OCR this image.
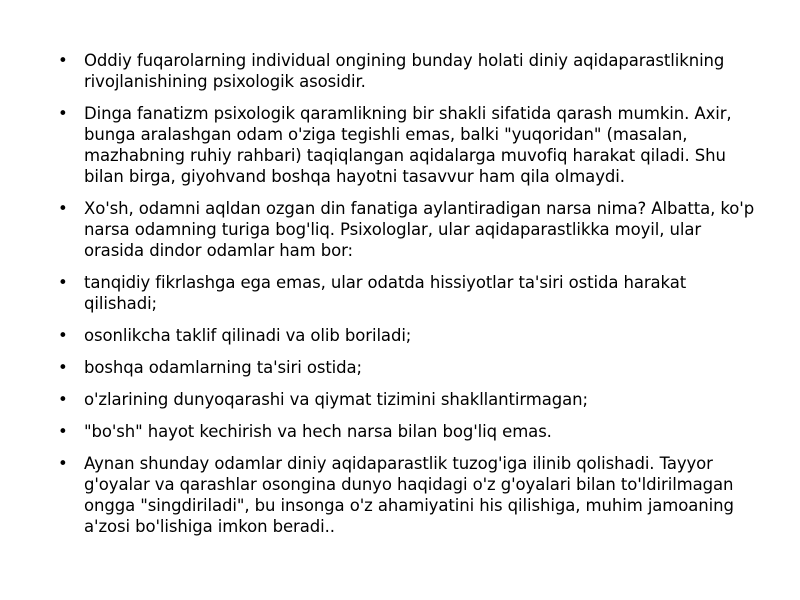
• Oddiy fuqarolarning individual ongining bunday holati diniy aqidaparastlikning rivojlanishining psixologik asosidir.
• Dinga fanatizm psixologik qaramlikning bir shakli sifatida qarash mumkin. Axir, bunga aralashgan odam o'ziga tegishli emas, balki "yuqoridan" (masalan, mazhabning ruhiy rahbari) taqiqlangan aqidalarga muvofiq harakat qiladi. Shu bilan birga, giyohvand boshqa hayotni tasavvur ham qila olmaydi.
• Xo'sh, odamni aqldan ozgan din fanatiga aylantiradigan narsa nima? Albatta, ko'p narsa odamning turiga bog'liq. Psixologlar, ular aqidaparastlikka moyil, ular orasida dindor odamlar ham bor:
• tanqidiy fikrlashga ega emas, ular odatda hissiyotlar ta'siri ostida harakat qilishadi;
• osonlikcha taklif qilinadi va olib boriladi;
• boshqa odamlarning ta'siri ostida;
• o'zlarining dunyoqarashi va qiymat tizimini shakllantirmagan;
• "bo'sh" hayot kechirish va hech narsa bilan bog'liq emas.
• Aynan shunday odamlar diniy aqidaparastlik tuzog'iga ilinib qolishadi. Tayyor g'oyalar va qarashlar osongina dunyo haqidagi o'z g'oyalari bilan to'ldirilmagan ongga "singdiriladi", bu insonga o'z ahamiyatini his qilishiga, muhim jamoaning a'zosi bo'lishiga imkon beradi..
